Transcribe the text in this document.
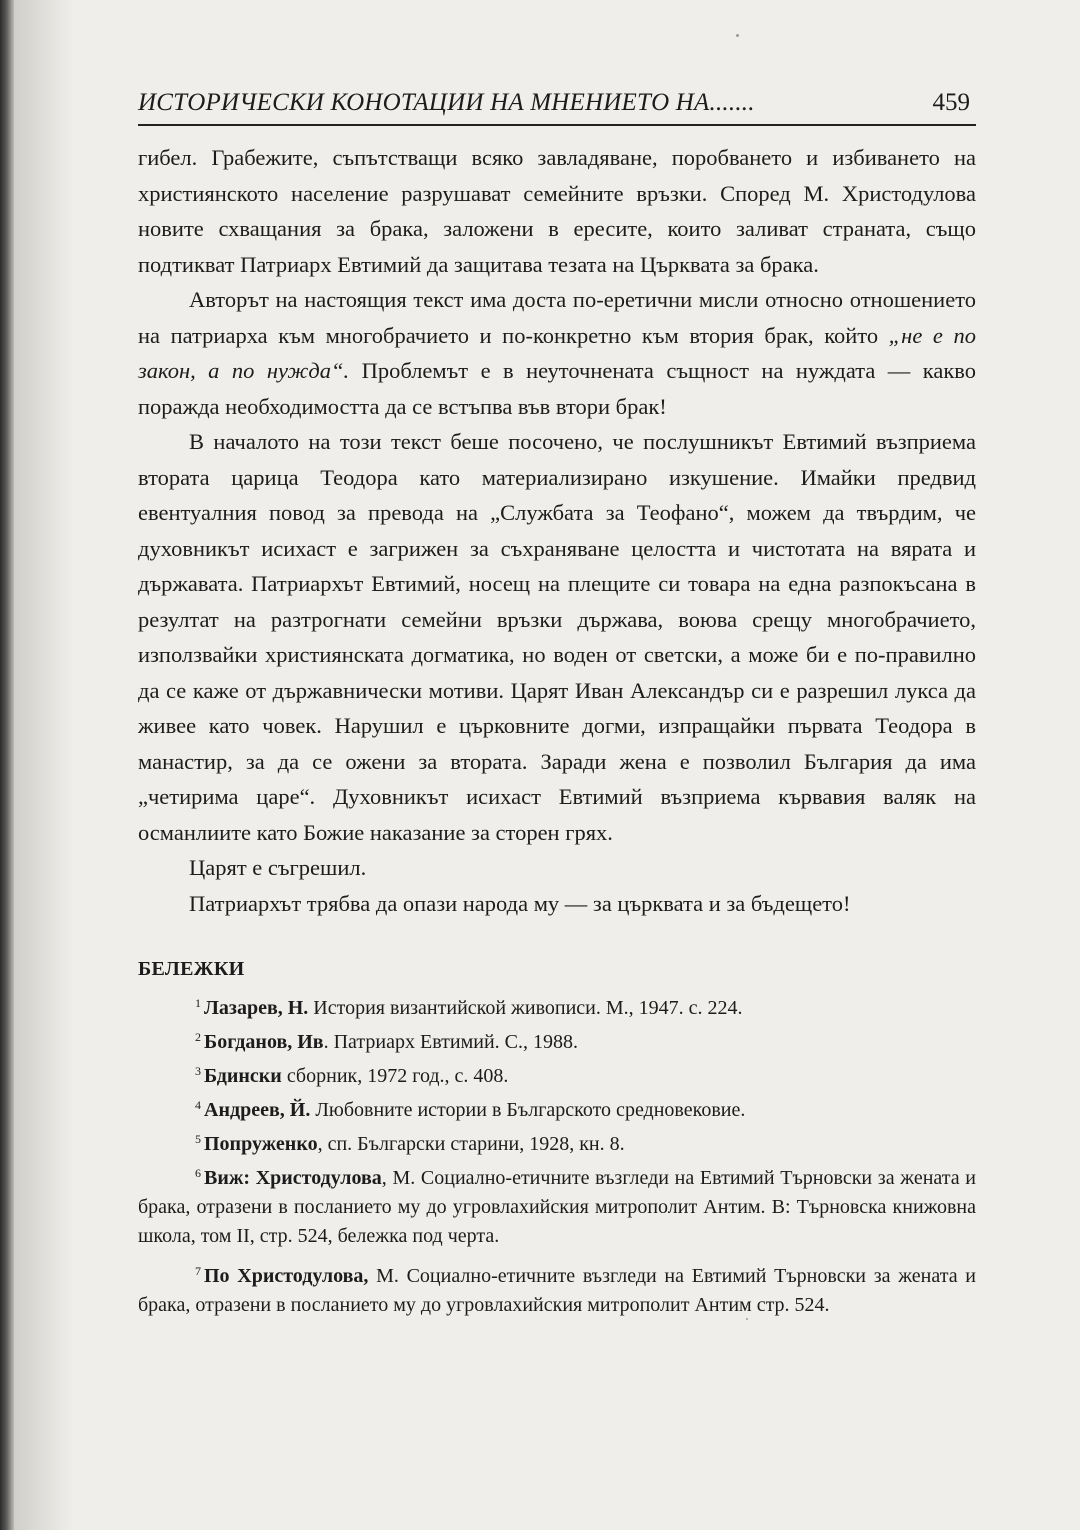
ИСТОРИЧЕСКИ КОНОТАЦИИ НА МНЕНИЕТО НА.......	459

гибел. Грабежите, съпътстващи всяко завладяване, поробването и избиването на християнското население разрушават семейните връзки. Според М. Христодулова новите схващания за брака, заложени в ересите, които заливат страната, също подтикват Патриарх Евтимий да защитава тезата на Църквата за брака.

Авторът на настоящия текст има доста по-еретични мисли относно отношението на патриарха към многобрачието и по-конкретно към втория брак, който „не е по закон, а по нужда“. Проблемът е в неуточнената същност на нуждата — какво поражда необходимостта да се встъпва във втори брак!

В началото на този текст беше посочено, че послушникът Евтимий възприема втората царица Теодора като материализирано изкушение. Имайки предвид евентуалния повод за превода на „Службата за Теофано“, можем да твърдим, че духовникът исихаст е загрижен за съхраняване целостта и чистотата на вярата и държавата. Патриархът Евтимий, носещ на плещите си товара на една разпокъсана в резултат на разтрогнати семейни връзки държава, воюва срещу многобрачието, използвайки християнската догматика, но воден от светски, а може би е по-правилно да се каже от държавнически мотиви. Царят Иван Александър си е разрешил лукса да живее като човек. Нарушил е църковните догми, изпращайки първата Теодора в манастир, за да се ожени за втората. Заради жена е позволил България да има „четирима царе“. Духовникът исихаст Евтимий възприема кървавия валяк на османлиите като Божие наказание за сторен грях.

Царят е съгрешил.

Патриархът трябва да опази народа му — за църквата и за бъдещето!

БЕЛЕЖКИ

$^1$ Лазарев, Н. История византийской живописи. М., 1947. с. 224.

$^2$ Богданов, Ив. Патриарх Евтимий. С., 1988.

$^3$ Бдински сборник, 1972 год., с. 408.

$^4$ Андреев, Й. Любовните истории в Българското средновековие.

$^5$ Попруженко, сп. Български старини, 1928, кн. 8.

$^6$ Виж: Христодулова, М. Социално-етичните възгледи на Евтимий Търновски за жената и брака, отразени в посланието му до угровлахийския митрополит Антим. В: Търновска книжовна школа, том II, стр. 524, бележка под черта.

$^7$ По Христодулова, М. Социално-етичните възгледи на Евтимий Търновски за жената и брака, отразени в посланието му до угровлахийския митрополит Антим стр. 524.
